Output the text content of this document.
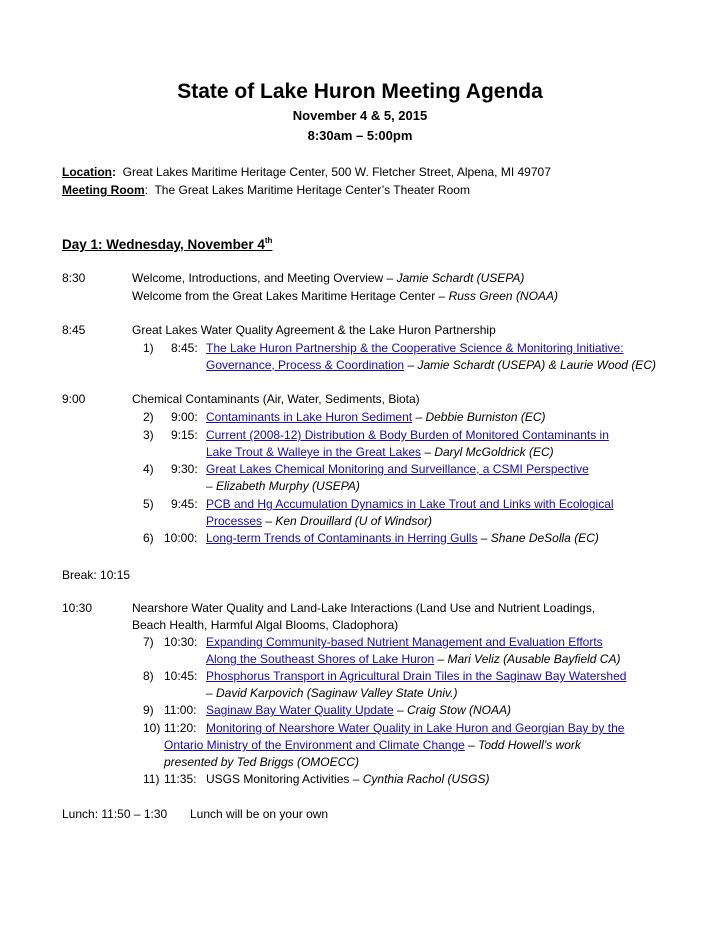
State of Lake Huron Meeting Agenda
November 4 & 5, 2015
8:30am – 5:00pm
Location: Great Lakes Maritime Heritage Center, 500 W. Fletcher Street, Alpena, MI 49707
Meeting Room:  The Great Lakes Maritime Heritage Center’s Theater Room
Day 1: Wednesday, November 4th
8:30	Welcome, Introductions, and Meeting Overview – Jamie Schardt (USEPA)
Welcome from the Great Lakes Maritime Heritage Center – Russ Green (NOAA)
8:45	Great Lakes Water Quality Agreement & the Lake Huron Partnership
1) 8:45: The Lake Huron Partnership & the Cooperative Science & Monitoring Initiative:
Governance, Process & Coordination – Jamie Schardt (USEPA) & Laurie Wood (EC)
9:00	Chemical Contaminants (Air, Water, Sediments, Biota)
2) 9:00: Contaminants in Lake Huron Sediment – Debbie Burniston (EC)
3) 9:15: Current (2008-12) Distribution & Body Burden of Monitored Contaminants in
Lake Trout & Walleye in the Great Lakes – Daryl McGoldrick (EC)
4) 9:30: Great Lakes Chemical Monitoring and Surveillance, a CSMI Perspective
– Elizabeth Murphy (USEPA)
5) 9:45: PCB and Hg Accumulation Dynamics in Lake Trout and Links with Ecological
Processes – Ken Drouillard (U of Windsor)
6) 10:00: Long-term Trends of Contaminants in Herring Gulls – Shane DeSolla (EC)
Break: 10:15
10:30	Nearshore Water Quality and Land-Lake Interactions (Land Use and Nutrient Loadings,
Beach Health, Harmful Algal Blooms, Cladophora)
7) 10:30: Expanding Community-based Nutrient Management and Evaluation Efforts
Along the Southeast Shores of Lake Huron – Mari Veliz (Ausable Bayfield CA)
8) 10:45: Phosphorus Transport in Agricultural Drain Tiles in the Saginaw Bay Watershed
– David Karpovich (Saginaw Valley State Univ.)
9) 11:00: Saginaw Bay Water Quality Update – Craig Stow (NOAA)
10) 11:20: Monitoring of Nearshore Water Quality in Lake Huron and Georgian Bay by the
Ontario Ministry of the Environment and Climate Change – Todd Howell’s work
presented by Ted Briggs (OMOECC)
11) 11:35: USGS Monitoring Activities – Cynthia Rachol (USGS)
Lunch: 11:50 – 1:30 Lunch will be on your own
